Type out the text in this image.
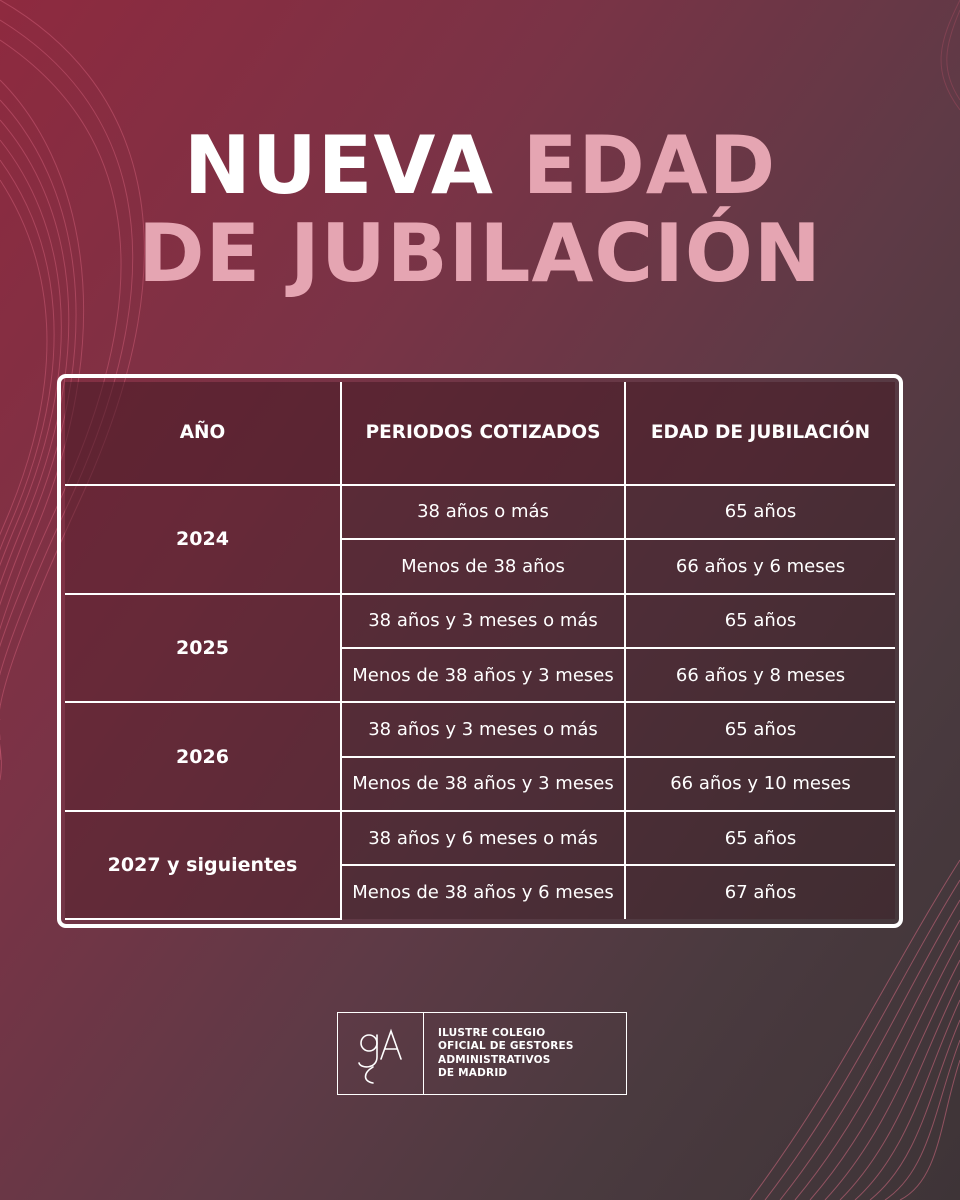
NUEVA EDAD
DE JUBILACIÓN
AÑO	PERIODOS COTIZADOS	EDAD DE JUBILACIÓN
2024	38 años o más	65 años
	Menos de 38 años	66 años y 6 meses
2025	38 años y 3 meses o más	65 años
	Menos de 38 años y 3 meses	66 años y 8 meses
2026	38 años y 3 meses o más	65 años
	Menos de 38 años y 3 meses	66 años y 10 meses
2027 y siguientes	38 años y 6 meses o más	65 años
	Menos de 38 años y 6 meses	67 años
ILUSTRE COLEGIO
OFICIAL DE GESTORES
ADMINISTRATIVOS
DE MADRID
